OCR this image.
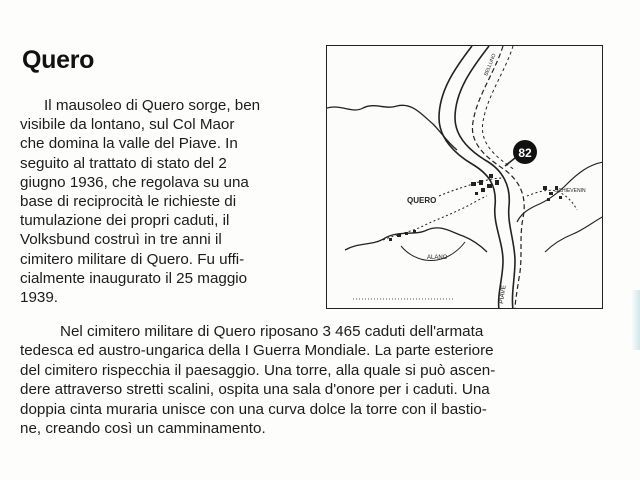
Quero
Il mausoleo di Quero sorge, ben
visibile da lontano, sul Col Maor
che domina la valle del Piave. In
seguito al trattato di stato del 2
giugno 1936, che regolava su una
base di reciprocità le richieste di
tumulazione dei propri caduti, il
Volksbund costruì in tre anni il
cimitero militare di Quero. Fu uffi-
cialmente inaugurato il 25 maggio
1939.
82
QUERO
ALANO
SCHIEVENIN
PIAVE
BELLUNO
Nel cimitero militare di Quero riposano 3 465 caduti dell'armata
tedesca ed austro-ungarica della I Guerra Mondiale. La parte esteriore
del cimitero rispecchia il paesaggio. Una torre, alla quale si può ascen-
dere attraverso stretti scalini, ospita una sala d'onore per i caduti. Una
doppia cinta muraria unisce con una curva dolce la torre con il bastio-
ne, creando così un camminamento.
